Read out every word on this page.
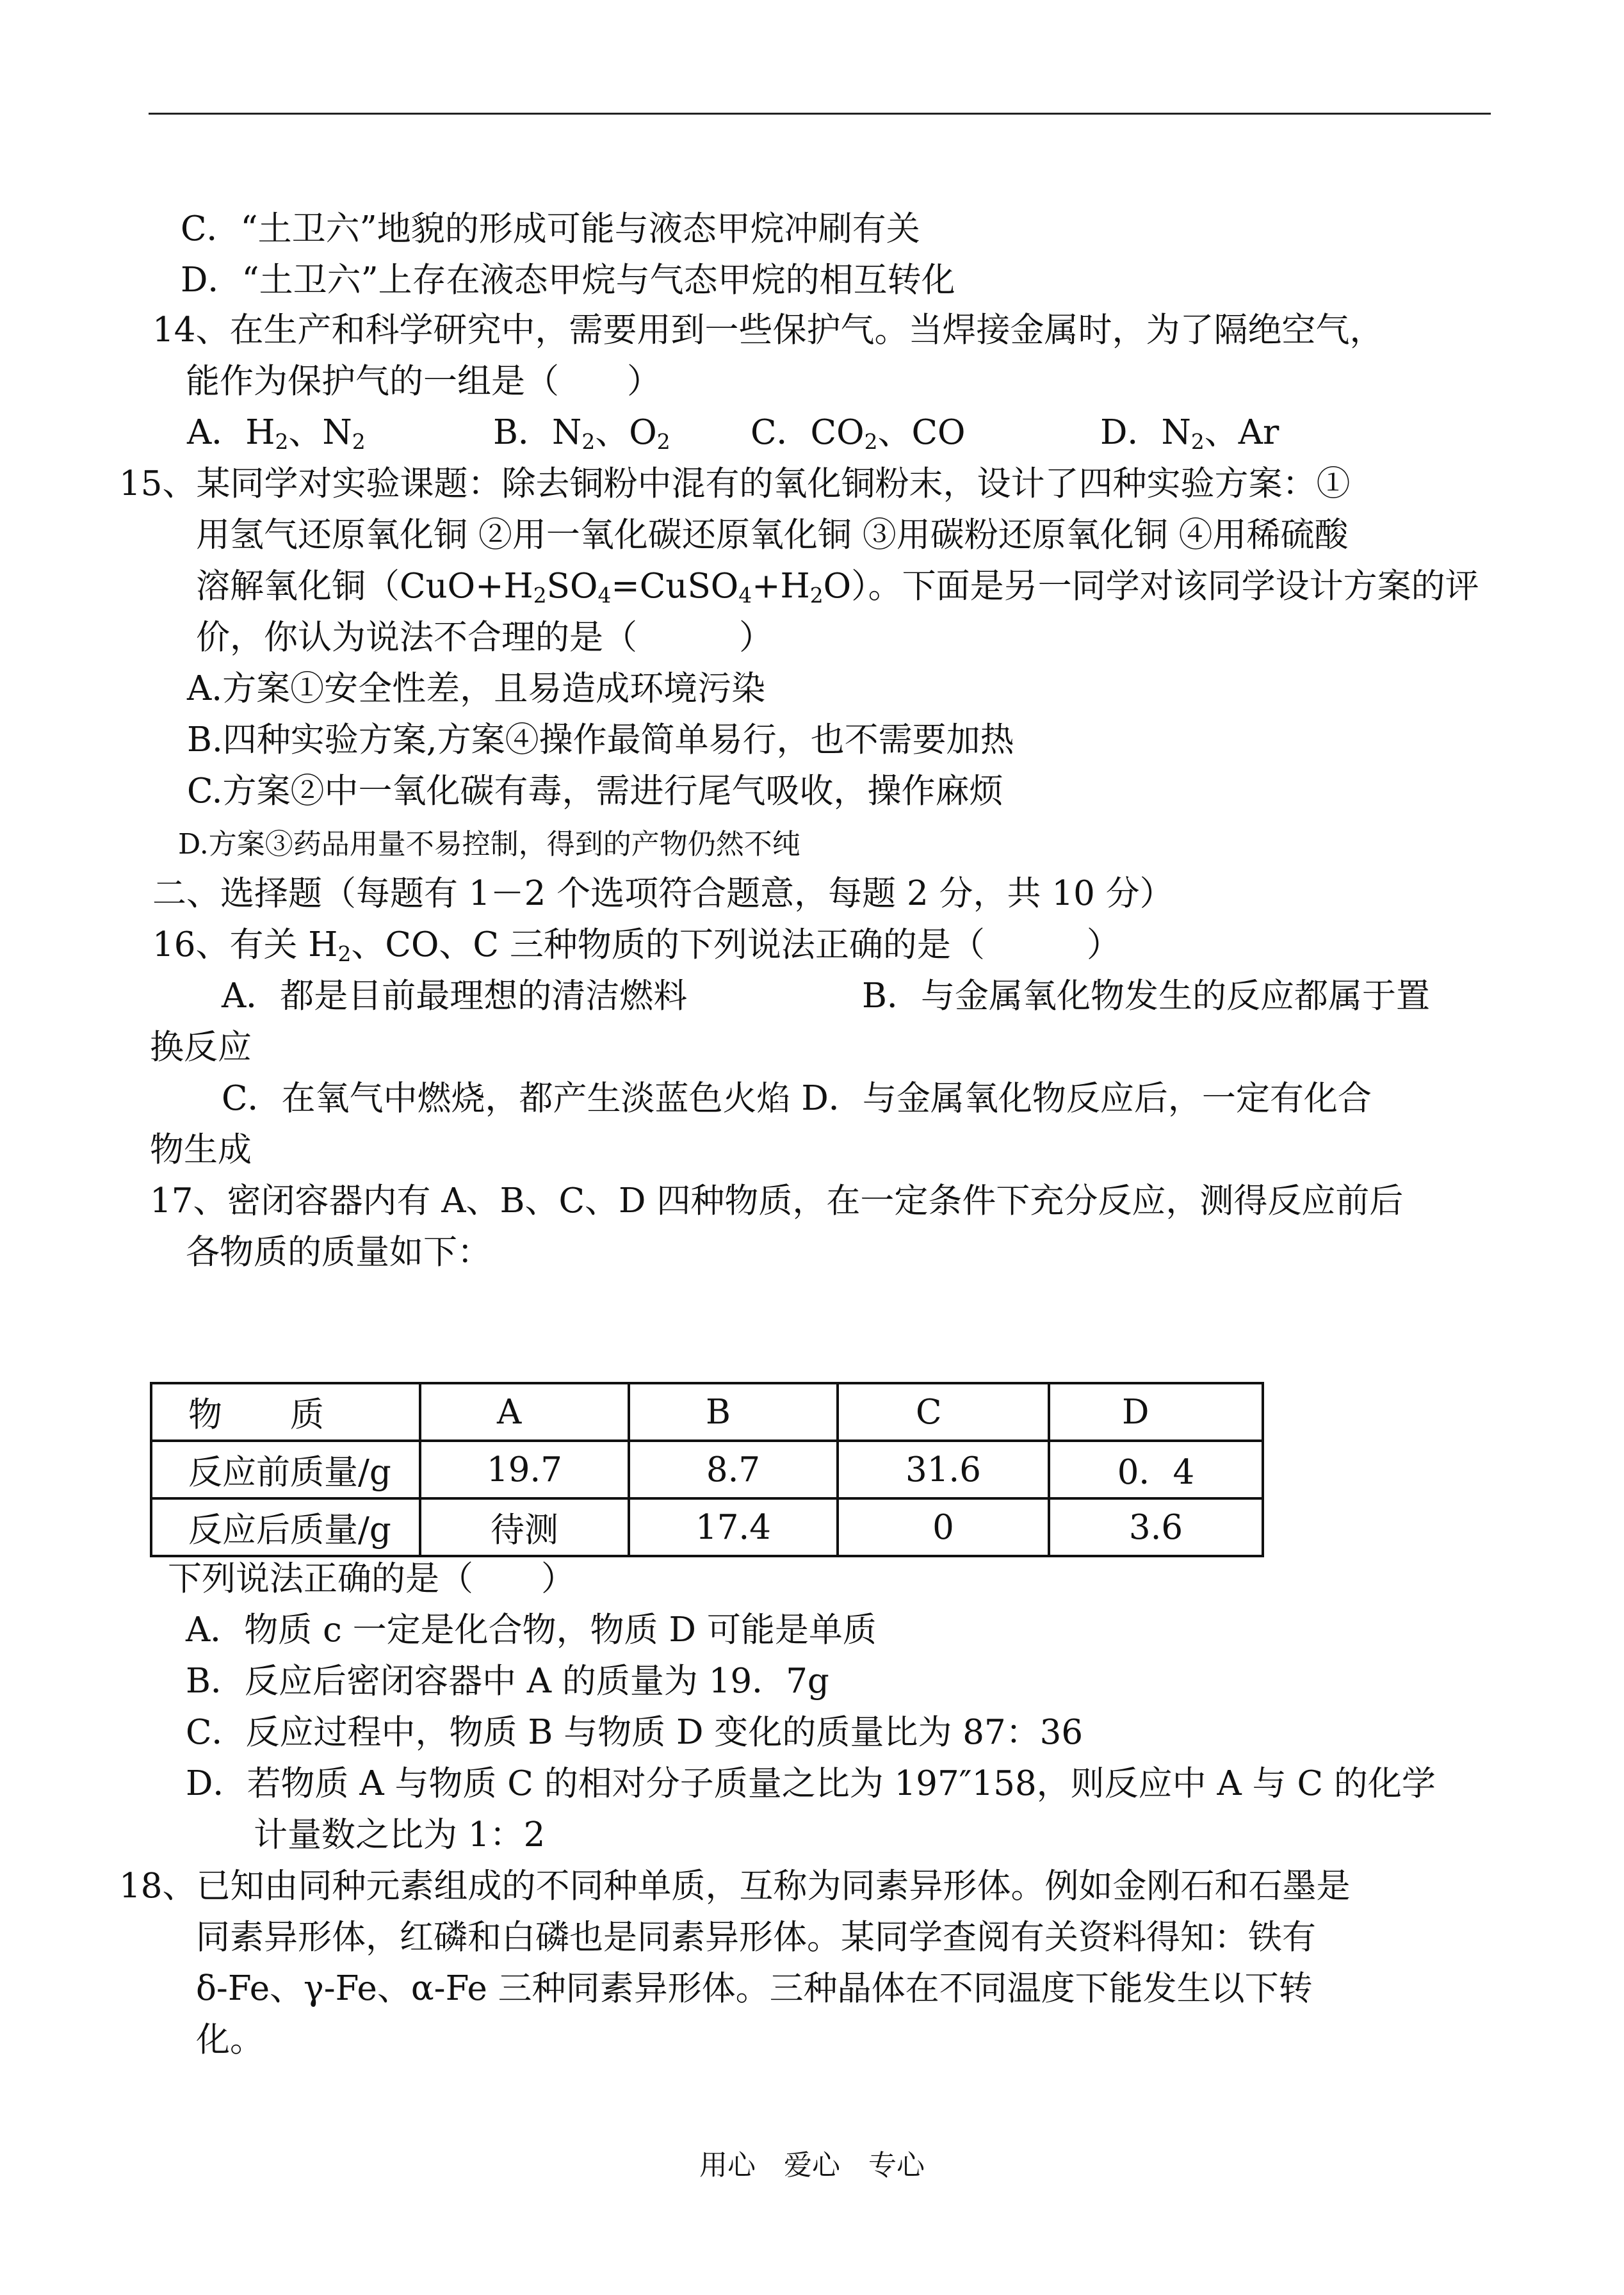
C．“土卫六”地貌的形成可能与液态甲烷冲刷有关
D．“土卫六”上存在液态甲烷与气态甲烷的相互转化
14、在生产和科学研究中，需要用到一些保护气。当焊接金属时，为了隔绝空气，
能作为保护气的一组是（　　）
A．$H_2$、$N_2$	B．$N_2$、$O_2$ C．$CO_2$、CO	D．$N_2$、Ar
15、某同学对实验课题：除去铜粉中混有的氧化铜粉末，设计了四种实验方案：①
用氢气还原氧化铜 ②用一氧化碳还原氧化铜 ③用碳粉还原氧化铜 ④用稀硫酸
溶解氧化铜$(CuO+H_2SO_4=CuSO_4+H_2O)$。下面是另一同学对该同学设计方案的评
价，你认为说法不合理的是（　　　）
A.方案①安全性差，且易造成环境污染
B.四种实验方案,方案④操作最简单易行，也不需要加热
C.方案②中一氧化碳有毒，需进行尾气吸收，操作麻烦
D.方案③药品用量不易控制，得到的产物仍然不纯
二、选择题（每题有 1－2 个选项符合题意，每题 2 分，共 10 分）
16、有关 $H_2$、CO、C 三种物质的下列说法正确的是（　　　）
A．都是目前最理想的清洁燃料	B．与金属氧化物发生的反应都属于置
换反应
C．在氧气中燃烧，都产生淡蓝色火焰 D．与金属氧化物反应后，一定有化合
物生成
17、密闭容器内有 A、B、C、D 四种物质，在一定条件下充分反应，测得反应前后
各物质的质量如下：
物　　质	A	B	C	D
反应前质量/g	19.7	8.7	31.6	0．4
反应后质量/g	待测	17.4	0	3.6
下列说法正确的是（　　）
A．物质 c 一定是化合物，物质 D 可能是单质
B．反应后密闭容器中 A 的质量为 19．7g
C．反应过程中，物质 B 与物质 D 变化的质量比为 87：36
D．若物质 A 与物质 C 的相对分子质量之比为 197″158，则反应中 A 与 C 的化学
计量数之比为 1：2
18、已知由同种元素组成的不同种单质，互称为同素异形体。例如金刚石和石墨是
同素异形体，红磷和白磷也是同素异形体。某同学查阅有关资料得知：铁有
δ-Fe、γ-Fe、α-Fe 三种同素异形体。三种晶体在不同温度下能发生以下转
化。
用心　爱心　专心
